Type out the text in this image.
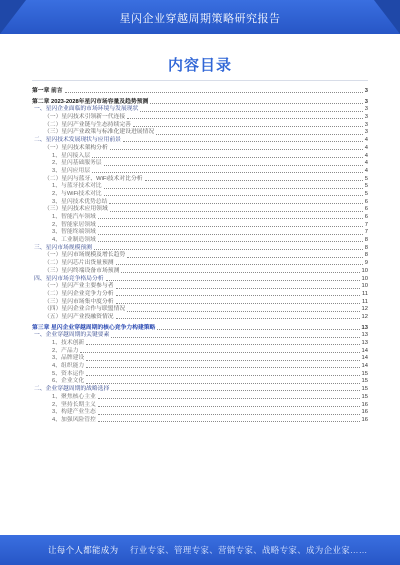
星闪企业穿越周期策略研究报告
内容目录
第一章 前言	3
第二章 2023-2028年星闪市场容量及趋势预测	3
一、星闪企业面临的市场环境与发展现状	3
（一）星闪技术引领新一代连接	3
（二）星闪产业链与生态持续完善	3
（三）星闪产业政策与标准化建设进展情况	3
二、星闪技术发展现状与应用前景	4
（一）星闪技术架构分析	4
1、星闪接入层	4
2、星闪基础服务层	4
3、星闪应用层	4
（二）星闪与蓝牙、WiFi技术对比分析	5
1、与蓝牙技术对比	5
2、与WiFi技术对比	5
3、星闪技术优势总结	6
（三）星闪技术应用领域	6
1、智能汽车领域	6
2、智能家居领域	7
3、智能终端领域	7
4、工业制造领域	8
三、星闪市场规模预测	8
（一）星闪市场规模及增长趋势	8
（二）星闪芯片出货量预测	9
（三）星闪终端设备市场预测	10
四、星闪市场竞争格局分析	10
（一）星闪产业主要参与者	10
（二）星闪企业竞争力分析	11
（三）星闪市场集中度分析	11
（四）星闪企业合作与联盟情况	12
（五）星闪产业投融资情况	12
第三章 星闪企业穿越周期的核心竞争力构建策略	13
一、企业穿越周期的关键要素	13
1、技术创新	13
2、产品力	14
3、品牌建设	14
4、组织能力	14
5、资本运作	15
6、企业文化	15
二、企业穿越周期的战略选择	15
1、聚焦核心主业	15
2、坚持长期主义	16
3、构建产业生态	16
4、加强风险管控	16
让每个人都能成为 行业专家、管理专家、营销专家、战略专家、成为企业家……
